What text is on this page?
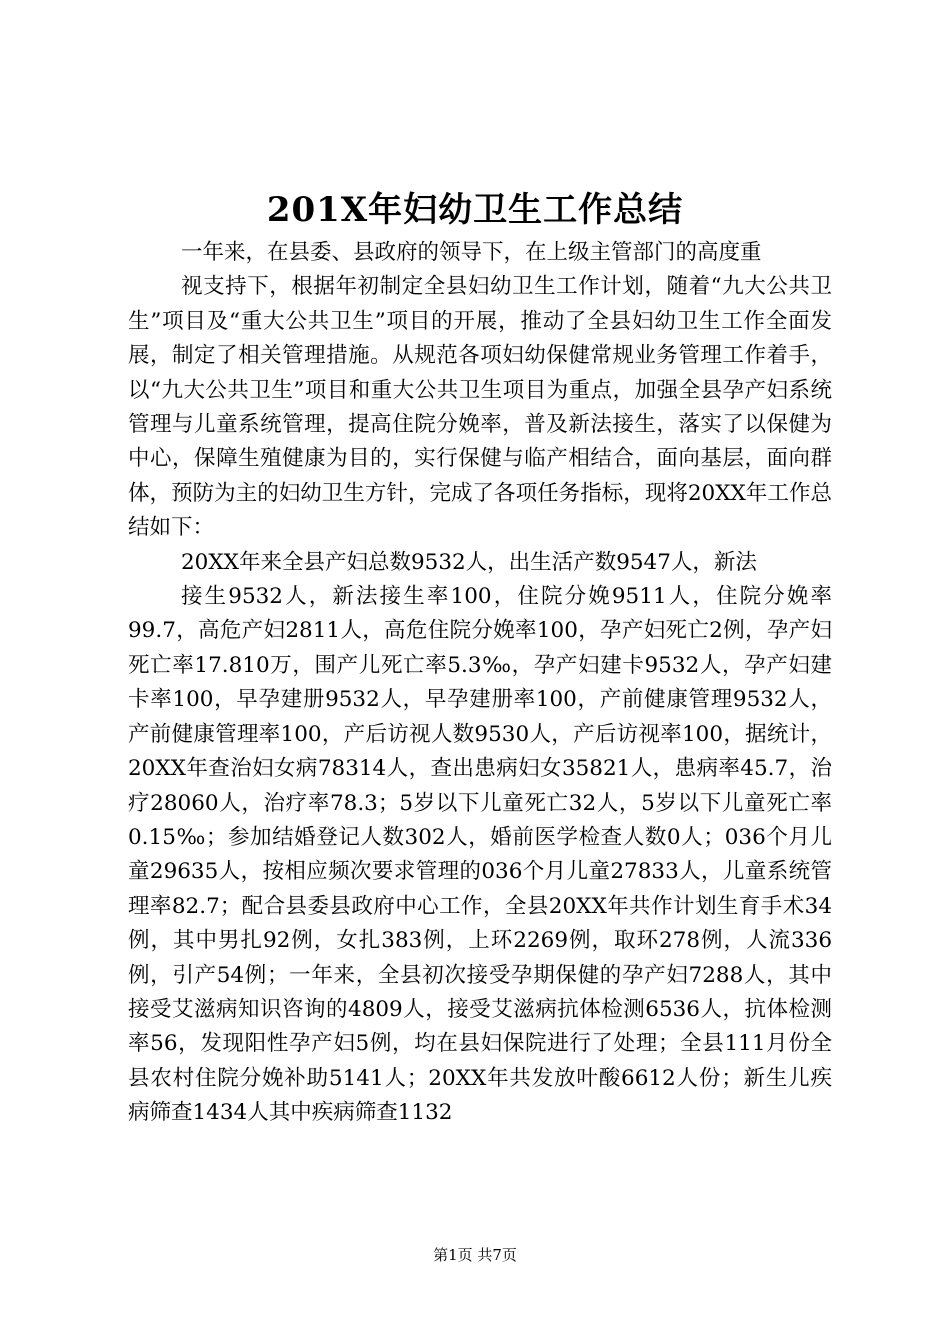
201X年妇幼卫生工作总结

一年来，在县委、县政府的领导下，在上级主管部门的高度重

视支持下，根据年初制定全县妇幼卫生工作计划，随着“九大公共卫生”项目及“重大公共卫生”项目的开展，推动了全县妇幼卫生工作全面发展，制定了相关管理措施。从规范各项妇幼保健常规业务管理工作着手，以“九大公共卫生”项目和重大公共卫生项目为重点，加强全县孕产妇系统管理与儿童系统管理，提高住院分娩率，普及新法接生，落实了以保健为中心，保障生殖健康为目的，实行保健与临产相结合，面向基层，面向群体，预防为主的妇幼卫生方针，完成了各项任务指标，现将20XX年工作总结如下：

20XX年来全县产妇总数9532人，出生活产数9547人，新法

接生9532人，新法接生率100，住院分娩9511人，住院分娩率99.7，高危产妇2811人，高危住院分娩率100，孕产妇死亡2例，孕产妇死亡率17.810万，围产儿死亡率5.3‰，孕产妇建卡9532人，孕产妇建卡率100，早孕建册9532人，早孕建册率100，产前健康管理9532人，产前健康管理率100，产后访视人数9530人，产后访视率100，据统计，20XX年查治妇女病78314人，查出患病妇女35821人，患病率45.7，治疗28060人，治疗率78.3；5岁以下儿童死亡32人，5岁以下儿童死亡率0.15‰；参加结婚登记人数302人，婚前医学检查人数0人；036个月儿童29635人，按相应频次要求管理的036个月儿童27833人，儿童系统管理率82.7；配合县委县政府中心工作，全县20XX年共作计划生育手术34例，其中男扎92例，女扎383例，上环2269例，取环278例，人流336例，引产54例；一年来，全县初次接受孕期保健的孕产妇7288人，其中接受艾滋病知识咨询的4809人，接受艾滋病抗体检测6536人，抗体检测率56，发现阳性孕产妇5例，均在县妇保院进行了处理；全县111月份全县农村住院分娩补助5141人；20XX年共发放叶酸6612人份；新生儿疾病筛查1434人其中疾病筛查1132

第1页 共7页
